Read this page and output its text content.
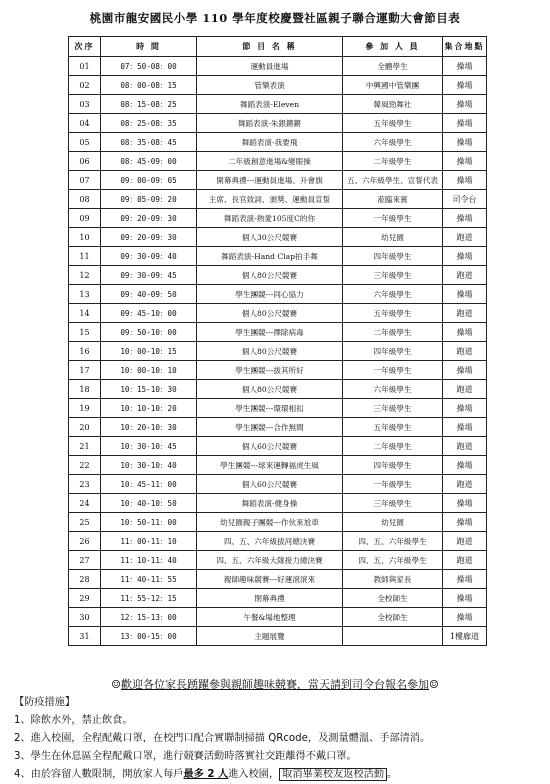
桃園市龍安國民小學 110 學年度校慶暨社區親子聯合運動大會節目表
次序	時 間	節 目 名 稱	參 加 人 員	集合地點
01	07：50-08：00	運動員進場	全體學生	操場
02	08：00-08：15	管樂表演	中興國中管樂團	操場
03	08：15-08：25	舞蹈表演-Eleven	韓風勁舞社	操場
04	08：25-08：35	舞蹈表演-朱銀鏘鏘	五年級學生	操場
05	08：35-08：45	舞蹈表演-我要飛	六年級學生	操場
06	08：45-09：00	二年級創意進場&變眼操	二年級學生	操場
07	09：00-09：05	開幕典禮---運動員進場、升會旗	五、六年級學生、宣誓代表	操場
08	09：05-09：20	主席、長官致詞、頒獎、運動員宣誓	蒞臨來賓	司令台
09	09：20-09：30	舞蹈表演-熱愛105度C的你	一年級學生	操場
10	09：20-09：30	個人30公尺競賽	幼兒園	跑道
11	09：30-09：40	舞蹈表演-Hand Clap拍手舞	四年級學生	操場
12	09：30-09：45	個人80公尺競賽	三年級學生	跑道
13	09：40-09：50	學生團競---同心協力	六年級學生	操場
14	09：45-10：00	個人80公尺競賽	五年級學生	跑道
15	09：50-10：00	學生團競---擇除病毒	二年級學生	操場
16	10：00-10：15	個人80公尺競賽	四年級學生	跑道
17	10：00-10：10	學生團競---拔其所好	一年級學生	操場
18	10：15-10：30	個人80公尺競賽	六年級學生	跑道
19	10：10-10：20	學生團競---環環相扣	三年級學生	操場
20	10：20-10：30	學生團競---合作無間	五年級學生	操場
21	10：30-10：45	個人60公尺競賽	二年級學生	跑道
22	10：30-10：40	學生團競---球來運轉福虎生風	四年級學生	操場
23	10：45-11：00	個人60公尺競賽	一年級學生	跑道
24	10：40-10：50	舞蹈表演-健身操	三年級學生	操場
25	10：50-11：00	幼兒園親子團競---作伙來尬車	幼兒園	操場
26	11：00-11：10	四、五、六年級拔河總決賽	四、五、六年級學生	跑道
27	11：10-11：40	四、五、六年級大隊接力總決賽	四、五、六年級學生	跑道
28	11：40-11：55	親師趣味競賽---好運滾滾來	教師與家長	操場
29	11：55-12：15	閉幕典禮	全校師生	操場
30	12：15-13：00	午餐&場地整理	全校師生	操場
31	13：00-15：00	主題展覽		1樓廊道
☺歡迎各位家長踴躍參與親師趣味競賽，當天請到司令台報名參加☺
【防疫措施】
1、除飲水外，禁止飲食。
2、進入校園，全程配戴口罩，在校門口配合實聯制掃描 QRcode，及測量體溫、手部清消。
3、學生在休息區全程配戴口罩，進行競賽活動時落實社交距離得不戴口罩。
4、由於容留人數限制，開放家人每戶最多 2 人進入校園， 取消畢業校友返校活動 。
